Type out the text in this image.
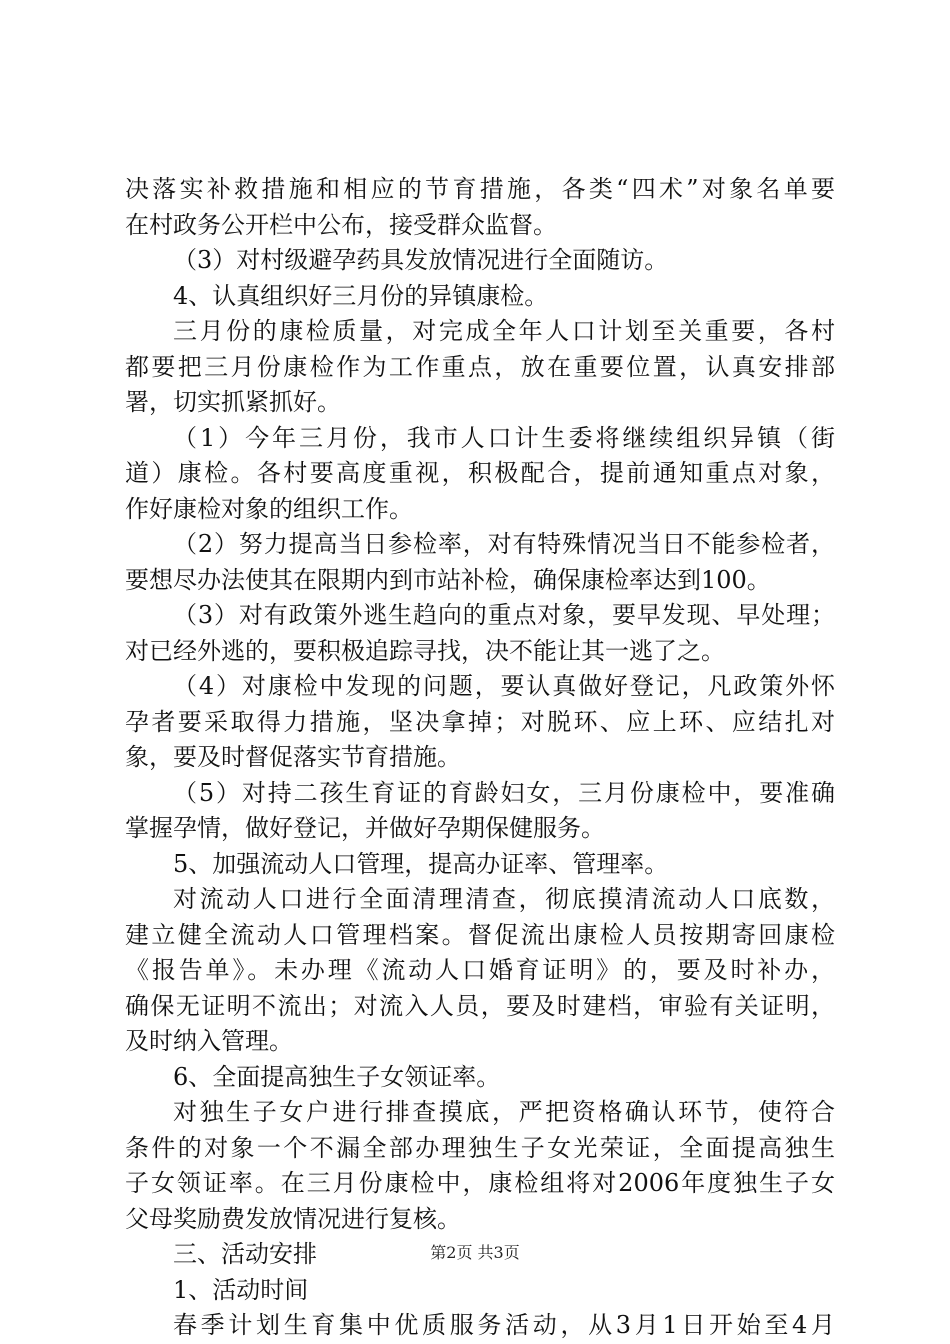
决落实补救措施和相应的节育措施，各类“四术”对象名单要
在村政务公开栏中公布，接受群众监督。
（3）对村级避孕药具发放情况进行全面随访。
4、认真组织好三月份的异镇康检。
三月份的康检质量，对完成全年人口计划至关重要，各村
都要把三月份康检作为工作重点，放在重要位置，认真安排部
署，切实抓紧抓好。
（1）今年三月份，我市人口计生委将继续组织异镇（街
道）康检。各村要高度重视，积极配合，提前通知重点对象，
作好康检对象的组织工作。
（2）努力提高当日参检率，对有特殊情况当日不能参检者，
要想尽办法使其在限期内到市站补检，确保康检率达到100。
（3）对有政策外逃生趋向的重点对象，要早发现、早处理；
对已经外逃的，要积极追踪寻找，决不能让其一逃了之。
（4）对康检中发现的问题，要认真做好登记，凡政策外怀
孕者要采取得力措施，坚决拿掉；对脱环、应上环、应结扎对
象，要及时督促落实节育措施。
（5）对持二孩生育证的育龄妇女，三月份康检中，要准确
掌握孕情，做好登记，并做好孕期保健服务。
5、加强流动人口管理，提高办证率、管理率。
对流动人口进行全面清理清查，彻底摸清流动人口底数，
建立健全流动人口管理档案。督促流出康检人员按期寄回康检
《报告单》。未办理《流动人口婚育证明》的，要及时补办，
确保无证明不流出；对流入人员，要及时建档，审验有关证明，
及时纳入管理。
6、全面提高独生子女领证率。
对独生子女户进行排查摸底，严把资格确认环节，使符合
条件的对象一个不漏全部办理独生子女光荣证，全面提高独生
子女领证率。在三月份康检中，康检组将对2006年度独生子女
父母奖励费发放情况进行复核。
三、活动安排
1、活动时间
春季计划生育集中优质服务活动，从3月1日开始至4月
第2页 共3页
